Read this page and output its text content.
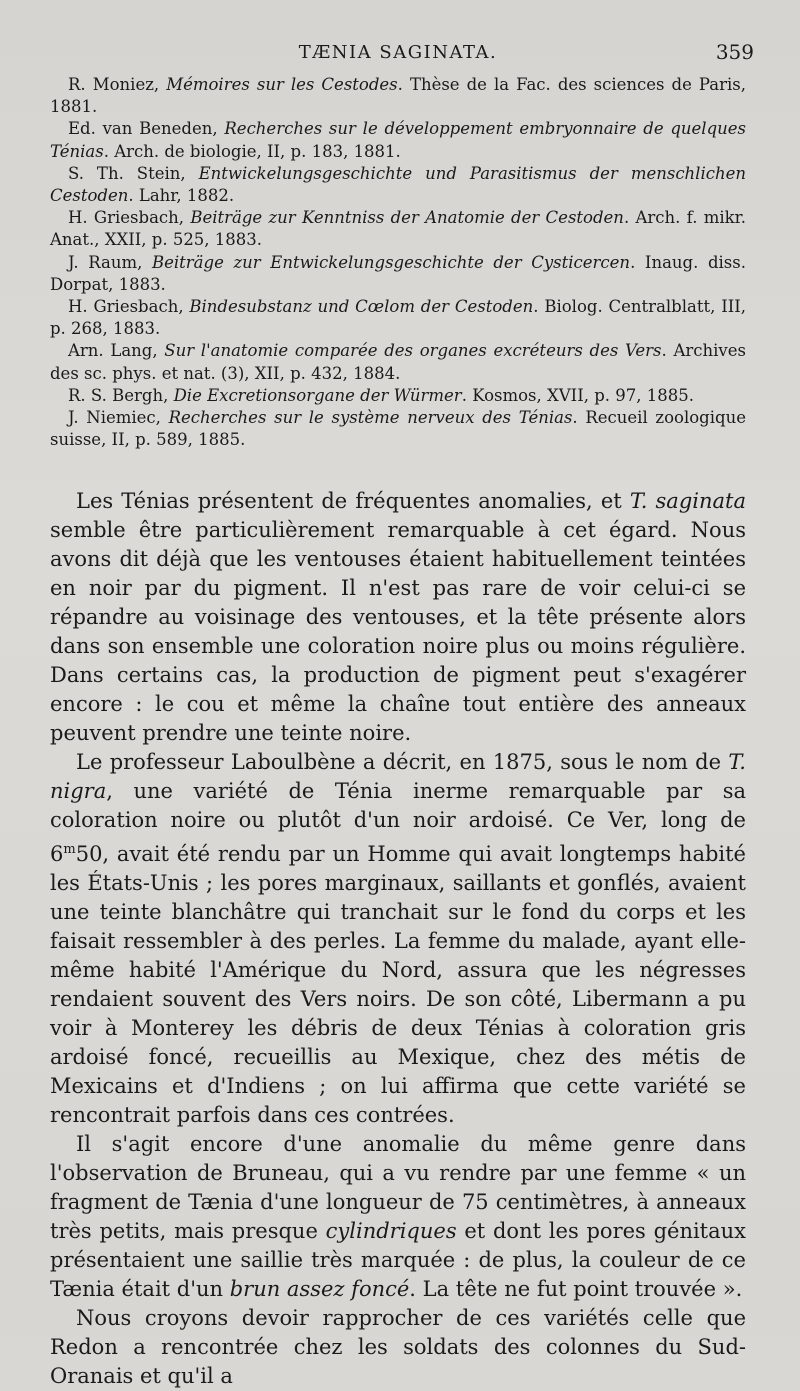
TÆNIA SAGINATA.	359
R. Moniez, Mémoires sur les Cestodes. Thèse de la Fac. des sciences de Paris, 1881.
Ed. van Beneden, Recherches sur le développement embryonnaire de quelques Ténias. Arch. de biologie, II, p. 183, 1881.
S. Th. Stein, Entwickelungsgeschichte und Parasitismus der menschlichen Cestoden. Lahr, 1882.
H. Griesbach, Beiträge zur Kenntniss der Anatomie der Cestoden. Arch. f. mikr. Anat., XXII, p. 525, 1883.
J. Raum, Beiträge zur Entwickelungsgeschichte der Cysticercen. Inaug. diss. Dorpat, 1883.
H. Griesbach, Bindesubstanz und Cœlom der Cestoden. Biolog. Centralblatt, III, p. 268, 1883.
Arn. Lang, Sur l'anatomie comparée des organes excréteurs des Vers. Archives des sc. phys. et nat. (3), XII, p. 432, 1884.
R. S. Bergh, Die Excretionsorgane der Würmer. Kosmos, XVII, p. 97, 1885.
J. Niemiec, Recherches sur le système nerveux des Ténias. Recueil zoologique suisse, II, p. 589, 1885.

Les Ténias présentent de fréquentes anomalies, et T. saginata semble être particulièrement remarquable à cet égard. Nous avons dit déjà que les ventouses étaient habituellement teintées en noir par du pigment. Il n'est pas rare de voir celui-ci se répandre au voisinage des ventouses, et la tête présente alors dans son ensemble une coloration noire plus ou moins régulière. Dans certains cas, la production de pigment peut s'exagérer encore : le cou et même la chaîne tout entière des anneaux peuvent prendre une teinte noire.

Le professeur Laboulbène a décrit, en 1875, sous le nom de T. nigra, une variété de Ténia inerme remarquable par sa coloration noire ou plutôt d'un noir ardoisé. Ce Ver, long de 6$^m$50, avait été rendu par un Homme qui avait longtemps habité les États-Unis ; les pores marginaux, saillants et gonflés, avaient une teinte blanchâtre qui tranchait sur le fond du corps et les faisait ressembler à des perles. La femme du malade, ayant elle-même habité l'Amérique du Nord, assura que les négresses rendaient souvent des Vers noirs. De son côté, Libermann a pu voir à Monterey les débris de deux Ténias à coloration gris ardoisé foncé, recueillis au Mexique, chez des métis de Mexicains et d'Indiens ; on lui affirma que cette variété se rencontrait parfois dans ces contrées.

Il s'agit encore d'une anomalie du même genre dans l'observation de Bruneau, qui a vu rendre par une femme « un fragment de Tænia d'une longueur de 75 centimètres, à anneaux très petits, mais presque cylindriques et dont les pores génitaux présentaient une saillie très marquée : de plus, la couleur de ce Tænia était d'un brun assez foncé. La tête ne fut point trouvée ».

Nous croyons devoir rapprocher de ces variétés celle que Redon a rencontrée chez les soldats des colonnes du Sud-Oranais et qu'il a
